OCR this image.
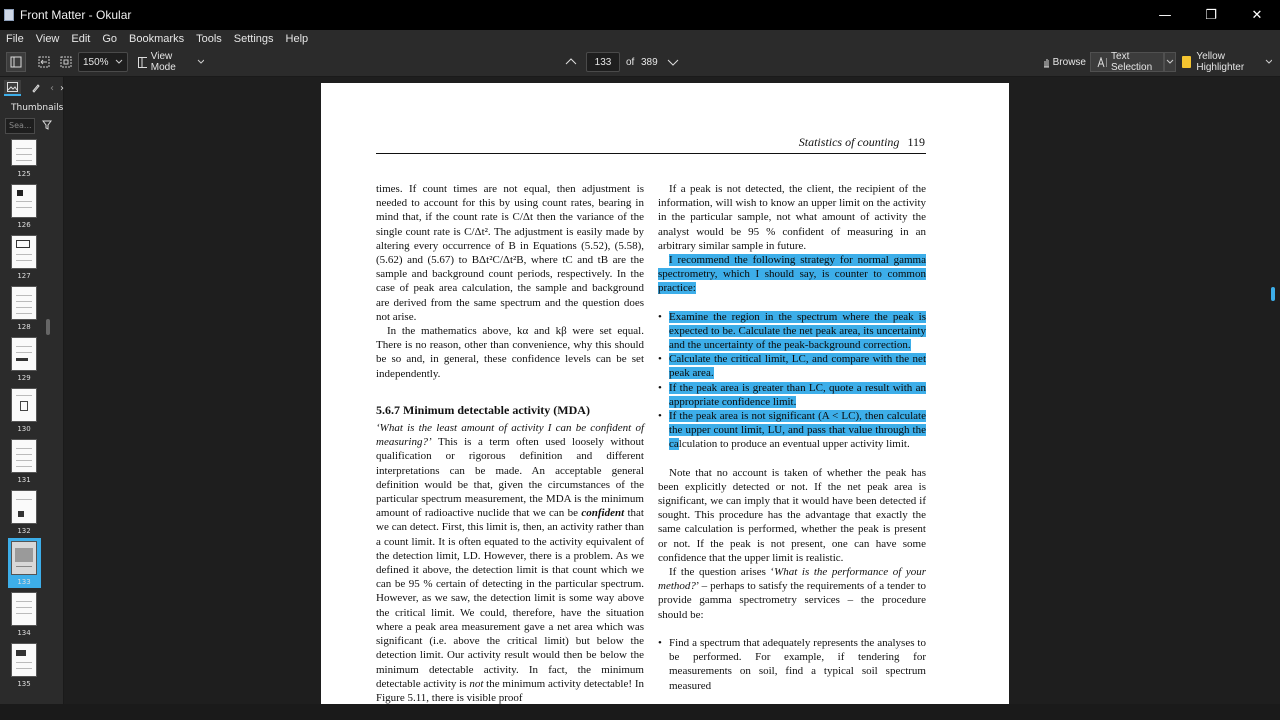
Front Matter - Okular	—	❐	✕
File View Edit Go Bookmarks Tools Settings Help
150%	View Mode	133	of 389	Browse	Text Selection
Yellow Highlighter
‹ ›
Thumbnails
Sea...
125
126
127
128
129
130
131
132
133
134
135
Statistics of counting 119

times. If count times are not equal, then adjustment is needed to account for this by using count rates, bearing in mind that, if the count rate is C/Δt then the variance of the single count rate is C/Δt². The adjustment is easily made by altering every occurrence of B in Equations (5.52), (5.58), (5.62) and (5.67) to BΔt²C/Δt²B, where tC and tB are the sample and background count periods, respectively. In the case of peak area calculation, the sample and background are derived from the same spectrum and the question does not arise.

In the mathematics above, kα and kβ were set equal. There is no reason, other than convenience, why this should be so and, in general, these confidence levels can be set independently.

5.6.7 Minimum detectable activity (MDA)

‘What is the least amount of activity I can be confident of measuring?’ This is a term often used loosely without qualification or rigorous definition and different interpretations can be made. An acceptable general definition would be that, given the circumstances of the particular spectrum measurement, the MDA is the minimum amount of radioactive nuclide that we can be confident that we can detect. First, this limit is, then, an activity rather than a count limit. It is often equated to the activity equivalent of the detection limit, LD. However, there is a problem. As we defined it above, the detection limit is that count which we can be 95 % certain of detecting in the particular spectrum. However, as we saw, the detection limit is some way above the critical limit. We could, therefore, have the situation where a peak area measurement gave a net area which was significant (i.e. above the critical limit) but below the detection limit. Our activity result would then be below the minimum detectable activity. In fact, the minimum detectable activity is not the minimum activity detectable! In Figure 5.11, there is visible proof

If a peak is not detected, the client, the recipient of the information, will wish to know an upper limit on the activity in the particular sample, not what amount of activity the analyst would be 95 % confident of measuring in an arbitrary similar sample in future.

I recommend the following strategy for normal gamma spectrometry, which I should say, is counter to common practice:

• Examine the region in the spectrum where the peak is expected to be. Calculate the net peak area, its uncertainty and the uncertainty of the peak-background correction.
• Calculate the critical limit, LC, and compare with the net peak area.
• If the peak area is greater than LC, quote a result with an appropriate confidence limit.
• If the peak area is not significant (A < LC), then calculate the upper count limit, LU, and pass that value through the calculation to produce an eventual upper activity limit.

Note that no account is taken of whether the peak has been explicitly detected or not. If the net peak area is significant, we can imply that it would have been detected if sought. This procedure has the advantage that exactly the same calculation is performed, whether the peak is present or not. If the peak is not present, one can have some confidence that the upper limit is realistic.

If the question arises ‘What is the performance of your method?’ – perhaps to satisfy the requirements of a tender to provide gamma spectrometry services – the procedure should be:

• Find a spectrum that adequately represents the analyses to be performed. For example, if tendering for measurements on soil, find a typical soil spectrum measured
